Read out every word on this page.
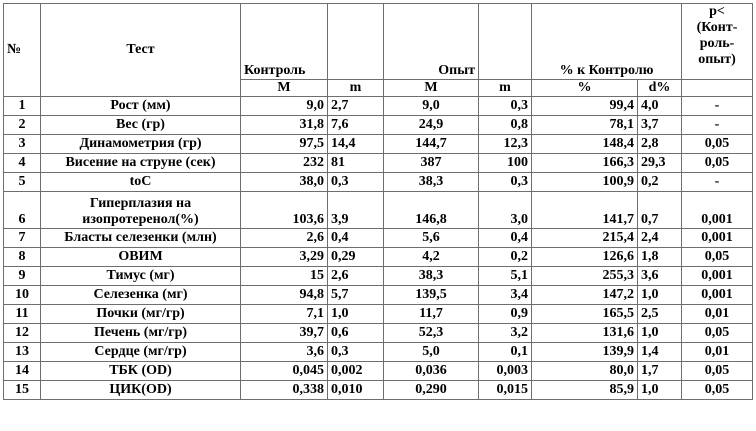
№	Тест	Контроль		Опыт		% к Контролю		p<
(Конт-
роль-
опыт)

		M	m	M	m	%	d%	
1	Рост (мм)	9,0	2,7	9,0	0,3	99,4	4,0	-
2	Вес (гр)	31,8	7,6	24,9	0,8	78,1	3,7	-
3	Динамометрия (гр)	97,5	14,4	144,7	12,3	148,4	2,8	0,05
4	Висение на струне (сек)	232	81	387	100	166,3	29,3	0,05
5	toC	38,0	0,3	38,3	0,3	100,9	0,2	-
6	Гиперплазия на
изопротеренол(%)	103,6	3,9	146,8	3,0	141,7	0,7	0,001
7	Бласты селезенки (млн)	2,6	0,4	5,6	0,4	215,4	2,4	0,001
8	ОВИМ	3,29	0,29	4,2	0,2	126,6	1,8	0,05
9	Тимус (мг)	15	2,6	38,3	5,1	255,3	3,6	0,001
10	Селезенка (мг)	94,8	5,7	139,5	3,4	147,2	1,0	0,001
11	Почки (мг/гр)	7,1	1,0	11,7	0,9	165,5	2,5	0,01
12	Печень (мг/гр)	39,7	0,6	52,3	3,2	131,6	1,0	0,05
13	Сердце (мг/гр)	3,6	0,3	5,0	0,1	139,9	1,4	0,01
14	ТБК (OD)	0,045	0,002	0,036	0,003	80,0	1,7	0,05
15	ЦИК(OD)	0,338	0,010	0,290	0,015	85,9	1,0	0,05
